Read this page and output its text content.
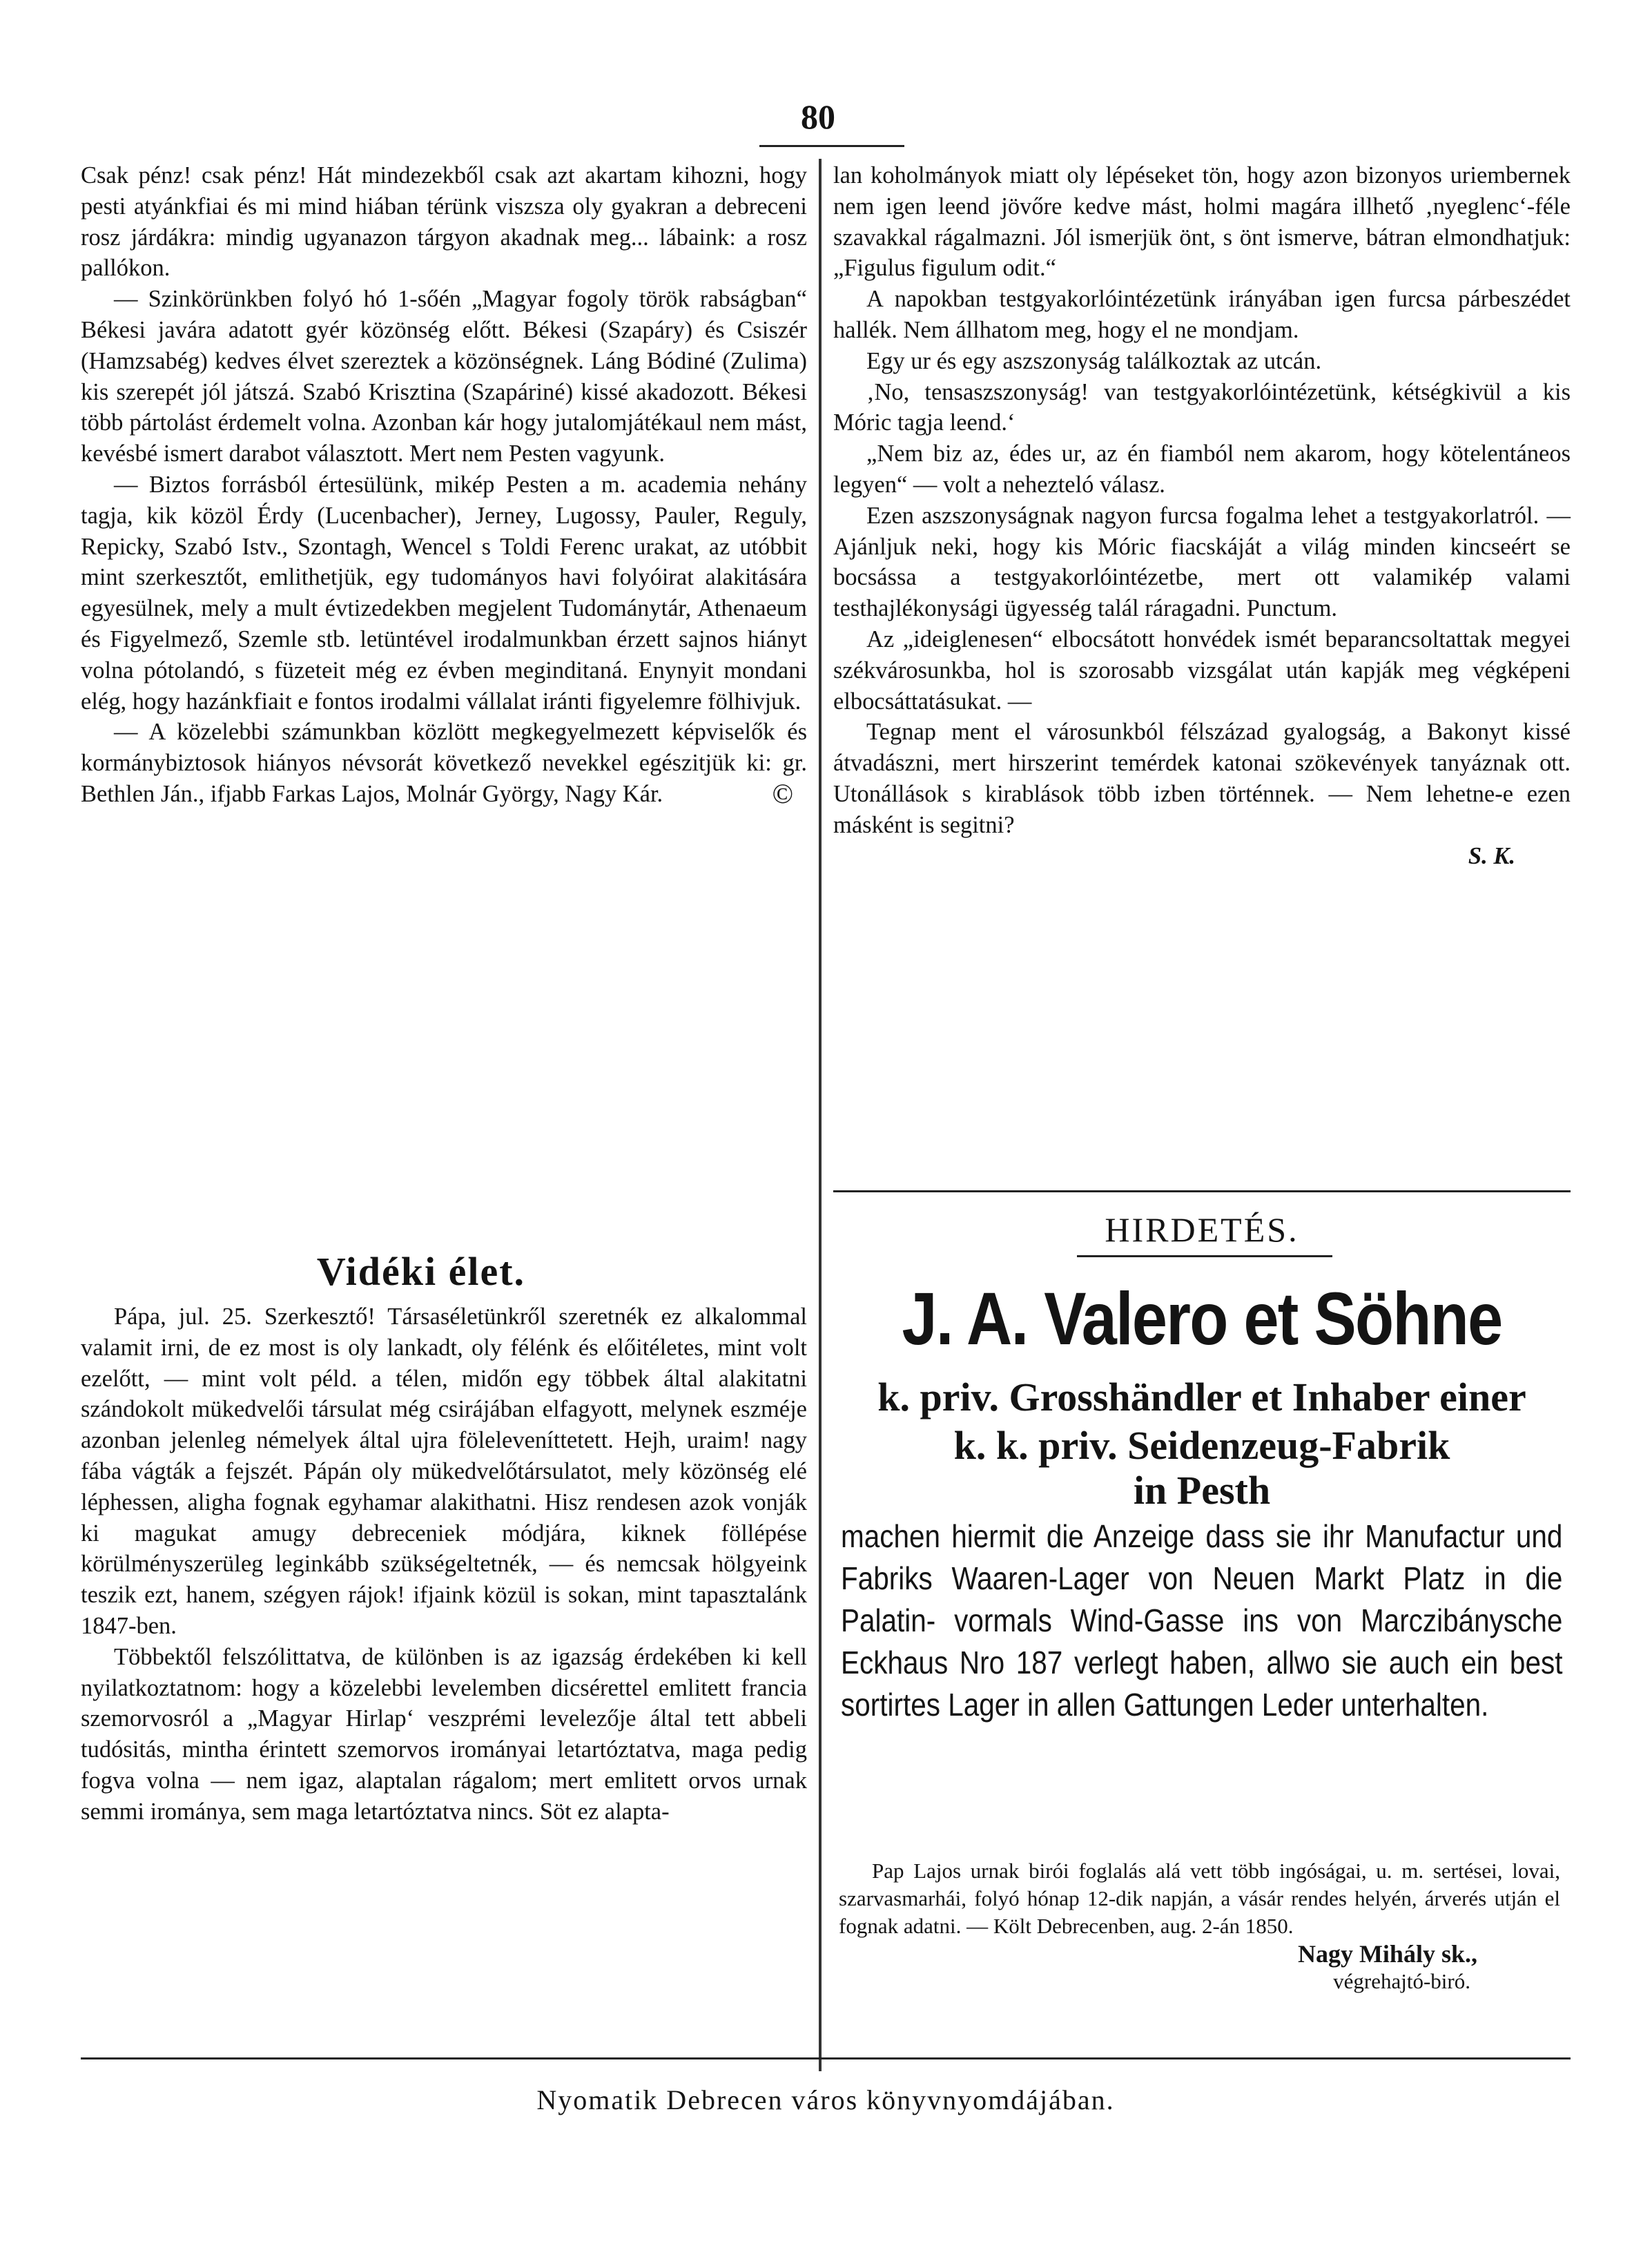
80

Csak pénz! csak pénz! Hát mindezekből csak azt akartam kihozni, hogy pesti atyánkfiai és mi mind hiában térünk viszsza oly gyakran a debreceni rosz járdákra: mindig ugyanazon tárgyon akadnak meg... lábaink: a rosz pallókon.

— Szinkörünkben folyó hó 1-sőén „Magyar fogoly török rabságban“ Békesi javára adatott gyér közönség előtt. Békesi (Szapáry) és Csiszér (Hamzsabég) kedves élvet szereztek a közönségnek. Láng Bódiné (Zulima) kis szerepét jól játszá. Szabó Krisztina (Szapáriné) kissé akadozott. Békesi több pártolást érdemelt volna. Azonban kár hogy jutalomjátékaul nem mást, kevésbé ismert darabot választott. Mert nem Pesten vagyunk.

— Biztos forrásból értesülünk, mikép Pesten a m. academia nehány tagja, kik közöl Érdy (Lucenbacher), Jerney, Lugossy, Pauler, Reguly, Repicky, Szabó Istv., Szontagh, Wencel s Toldi Ferenc urakat, az utóbbit mint szerkesztőt, emlithetjük, egy tudományos havi folyóirat alakitására egyesülnek, mely a mult évtizedekben megjelent Tudománytár, Athenaeum és Figyelmező, Szemle stb. letüntével irodalmunkban érzett sajnos hiányt volna pótolandó, s füzeteit még ez évben meginditaná. Enynyit mondani elég, hogy hazánkfiait e fontos irodalmi vállalat iránti figyelemre fölhivjuk.

— A közelebbi számunkban közlött megkegyelmezett képviselők és kormánybiztosok hiányos névsorát következő nevekkel egészitjük ki: gr. Bethlen Ján., ifjabb Farkas Lajos, Molnár György, Nagy Kár.	©

Vidéki élet.

Pápa, jul. 25. Szerkesztő! Társaséletünkről szeretnék ez alkalommal valamit irni, de ez most is oly lankadt, oly félénk és előitéletes, mint volt ezelőtt, — mint volt péld. a télen, midőn egy többek által alakitatni szándokolt mükedvelői társulat még csirájában elfagyott, melynek eszméje azonban jelenleg némelyek által ujra föleleveníttetett. Hejh, uraim! nagy fába vágták a fejszét. Pápán oly mükedvelőtársulatot, mely közönség elé léphessen, aligha fognak egyhamar alakithatni. Hisz rendesen azok vonják ki magukat amugy debreceniek módjára, kiknek föllépése körülményszerüleg leginkább szükségeltetnék, — és nemcsak hölgyeink teszik ezt, hanem, szégyen rájok! ifjaink közül is sokan, mint tapasztalánk 1847-ben.

Többektől felszólittatva, de különben is az igazság érdekében ki kell nyilatkoztatnom: hogy a közelebbi levelemben dicsérettel emlitett francia szemorvosról a „Magyar Hirlap‘ veszprémi levelezője által tett abbeli tudósitás, mintha érintett szemorvos irományai letartóztatva, maga pedig fogva volna — nem igaz, alaptalan rágalom; mert emlitett orvos urnak semmi irománya, sem maga letartóztatva nincs. Söt ez alapta-

lan koholmányok miatt oly lépéseket tön, hogy azon bizonyos uriembernek nem igen leend jövőre kedve mást, holmi magára illhető ‚nyeglenc‘-féle szavakkal rágalmazni. Jól ismerjük önt, s önt ismerve, bátran elmondhatjuk: „Figulus figulum odit.“

A napokban testgyakorlóintézetünk irányában igen furcsa párbeszédet hallék. Nem állhatom meg, hogy el ne mondjam.

Egy ur és egy aszszonyság találkoztak az utcán.

‚No, tensaszszonyság! van testgyakorlóintézetünk, kétségkivül a kis Móric tagja leend.‘

„Nem biz az, édes ur, az én fiamból nem akarom, hogy kötelentáneos legyen“ — volt a nehezteló válasz.

Ezen aszszonyságnak nagyon furcsa fogalma lehet a testgyakorlatról. — Ajánljuk neki, hogy kis Móric fiacskáját a világ minden kincseért se bocsássa a testgyakorlóintézetbe, mert ott valamikép valami testhajlékonysági ügyesség talál ráragadni. Punctum.

Az „ideiglenesen“ elbocsátott honvédek ismét beparancsoltattak megyei székvárosunkba, hol is szorosabb vizsgálat után kapják meg végképeni elbocsáttatásukat. —

Tegnap ment el városunkból félszázad gyalogság, a Bakonyt kissé átvadászni, mert hirszerint temérdek katonai szökevények tanyáznak ott. Utonállások s kirablások több izben történnek. — Nem lehetne-e ezen másként is segitni?

S. K.

HIRDETÉS.
J. A. Valero et Söhne
k. priv. Grosshändler et Inhaber einer
k. k. priv. Seidenzeug-Fabrik
in Pesth
machen hiermit die Anzeige dass sie ihr Manufactur und Fabriks Waaren-Lager von Neuen Markt Platz in die Palatin- vormals Wind-Gasse ins von Marczibánysche Eckhaus Nro 187 verlegt haben, allwo sie auch ein best sortirtes Lager in allen Gattungen Leder unterhalten.

Pap Lajos urnak birói foglalás alá vett több ingóságai, u. m. sertései, lovai, szarvasmarhái, folyó hónap 12-dik napján, a vásár rendes helyén, árverés utján el fognak adatni. — Költ Debrecenben, aug. 2-án 1850.

Nagy Mihály sk.,

végrehajtó-biró.

Nyomatik Debrecen város könyvnyomdájában.
